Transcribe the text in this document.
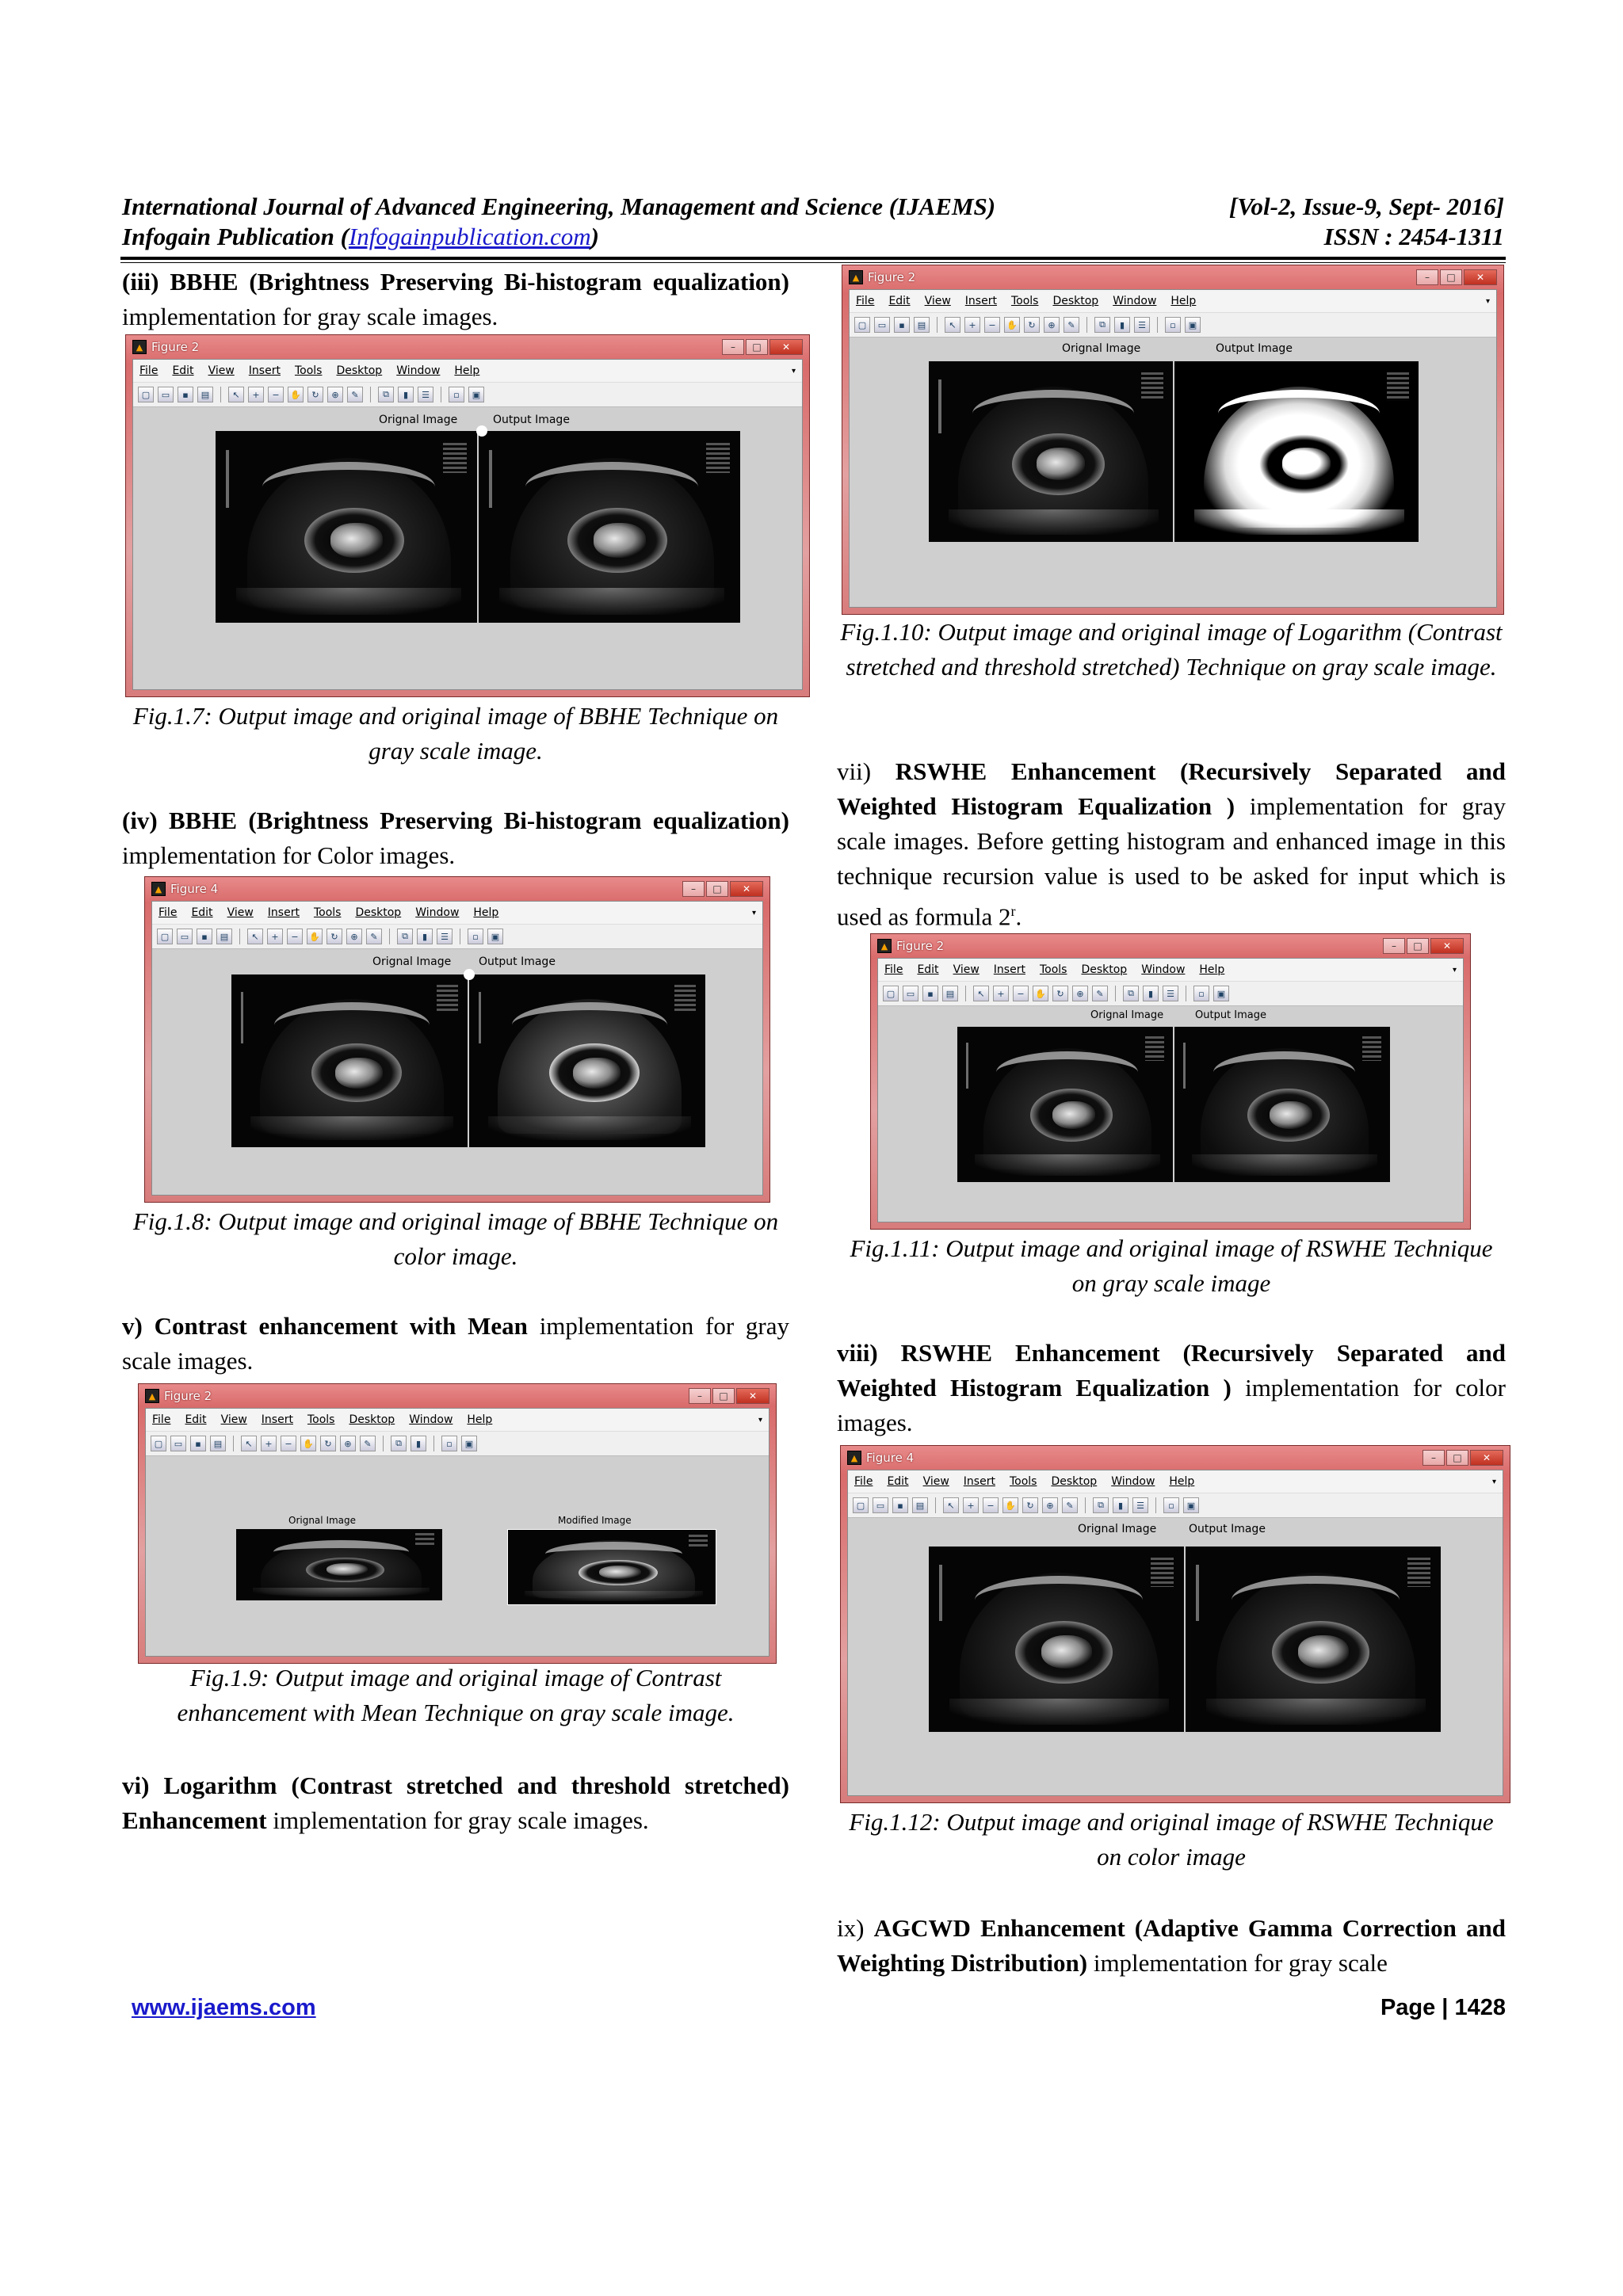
International Journal of Advanced Engineering, Management and Science (IJAEMS)	[Vol-2, Issue-9, Sept- 2016]
Infogain Publication (Infogainpublication.com)	ISSN : 2454-1311

(iii) BBHE (Brightness Preserving Bi-histogram equalization) implementation for gray scale images.

▲ Figure 2	–	□	✕
File Edit View Insert Tools Desktop Window Help	▾
▢	▭	▪	▤	↖	+	−	✋	↻	⊕	✎	⧉	▮	☰	▫	▣
Orignal Image	Output Image

Fig.1.7: Output image and original image of BBHE Technique on gray scale image.

(iv) BBHE (Brightness Preserving Bi-histogram equalization) implementation for Color images.

▲ Figure 4	–	□	✕
File Edit View Insert Tools Desktop Window Help	▾
▢	▭	▪	▤	↖	+	−	✋	↻	⊕	✎	⧉	▮	☰	▫	▣
Orignal Image Output Image

Fig.1.8: Output image and original image of BBHE Technique on color image.

v) Contrast enhancement with Mean implementation for gray scale images.

▲ Figure 2	–	□	✕
File Edit View Insert Tools Desktop Window Help	▾
▢	▭	▪	▤	↖	+	−	✋	↻	⊕	✎	⧉	▮	▫	▣
Orignal Image	Modified Image

Fig.1.9: Output image and original image of Contrast enhancement with Mean Technique on gray scale image.

vi) Logarithm (Contrast stretched and threshold stretched) Enhancement implementation for gray scale images.

▲ Figure 2	–	□	✕
File Edit View Insert Tools Desktop Window Help	▾
▢	▭	▪	▤	↖	+	−	✋	↻	⊕	✎	⧉	▮	☰	▫	▣
Orignal Image	Output Image

Fig.1.10: Output image and original image of Logarithm (Contrast stretched and threshold stretched) Technique on gray scale image.

vii) RSWHE Enhancement (Recursively Separated and Weighted Histogram Equalization ) implementation for gray scale images. Before getting histogram and enhanced image in this technique recursion value is used to be asked for input which is used as formula 2$^r$.

▲ Figure 2	–	□	✕
File Edit View Insert Tools Desktop Window Help	▾
▢	▭	▪	▤	↖	+	−	✋	↻	⊕	✎	⧉	▮	☰	▫	▣
Orignal Image	Output Image

Fig.1.11: Output image and original image of RSWHE Technique on gray scale image

viii) RSWHE Enhancement (Recursively Separated and Weighted Histogram Equalization ) implementation for color images.

▲ Figure 4	–	□	✕
File Edit View Insert Tools Desktop Window Help	▾
▢	▭	▪	▤	↖	+	−	✋	↻	⊕	✎	⧉	▮	☰	▫	▣
Orignal Image	Output Image

Fig.1.12: Output image and original image of RSWHE Technique on color image

ix) AGCWD Enhancement (Adaptive Gamma Correction and Weighting Distribution) implementation for gray scale

www.ijaems.com	Page | 1428
